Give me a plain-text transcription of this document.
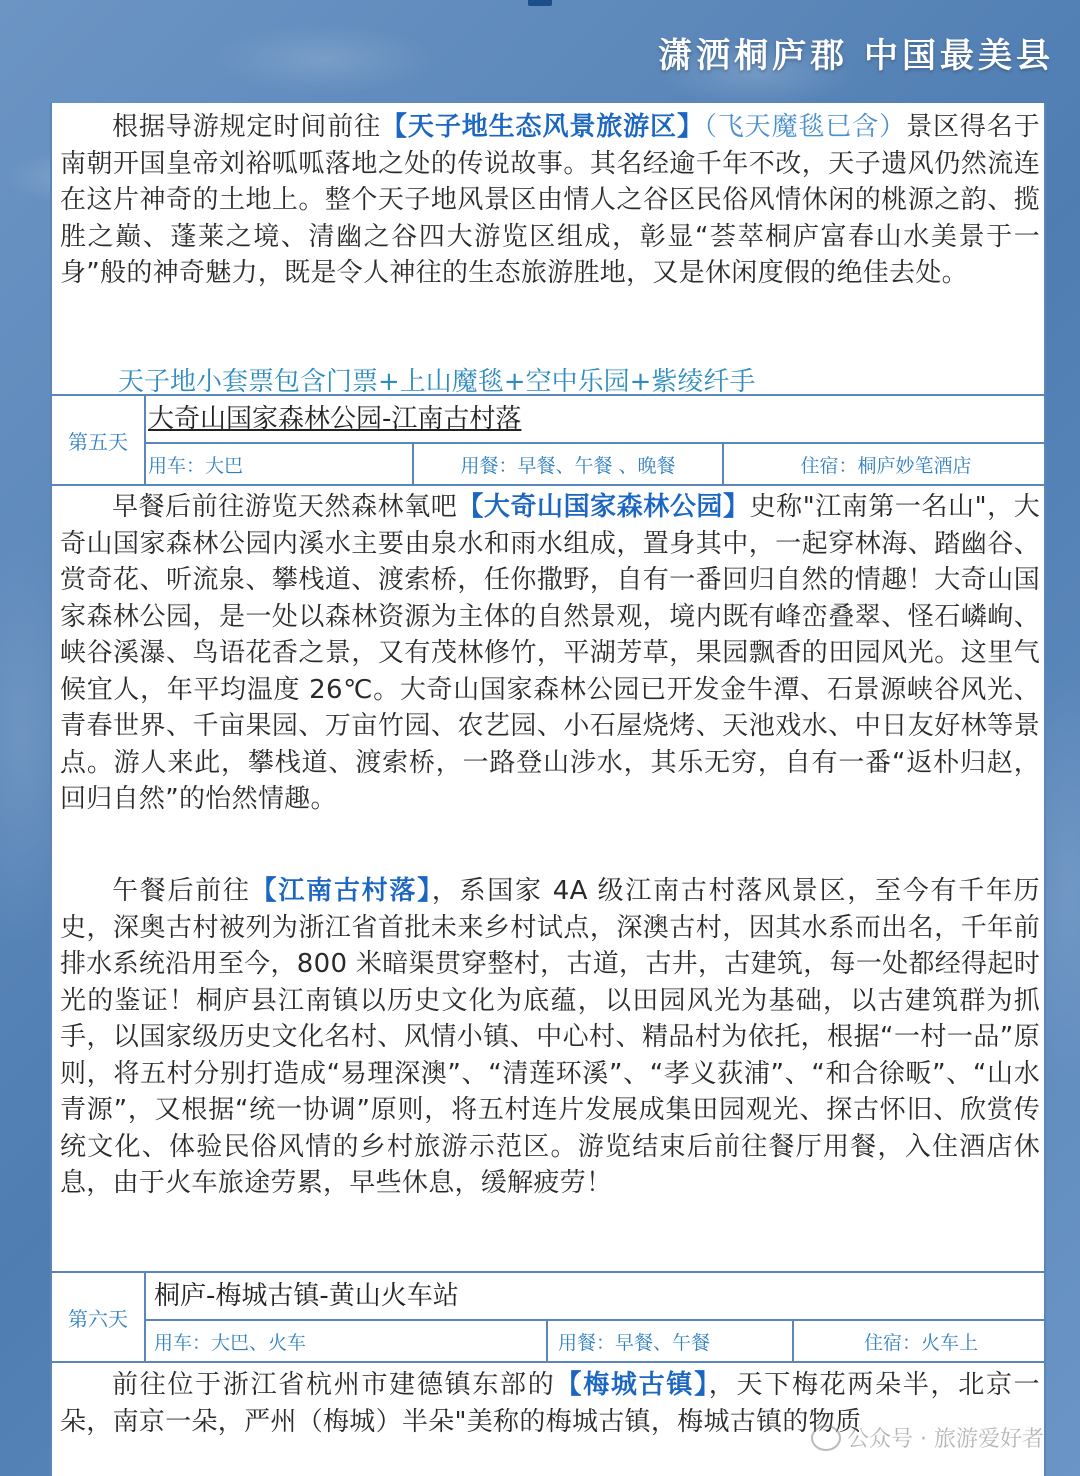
潇洒桐庐郡 中国最美县

根据导游规定时间前往【天子地生态风景旅游区】（飞天魔毯已含）景区得名于南朝开国皇帝刘裕呱呱落地之处的传说故事。其名经逾千年不改，天子遗风仍然流连在这片神奇的土地上。整个天子地风景区由情人之谷区民俗风情休闲的桃源之韵、揽胜之巅、蓬莱之境、清幽之谷四大游览区组成，彰显“荟萃桐庐富春山水美景于一身”般的神奇魅力，既是令人神往的生态旅游胜地，又是休闲度假的绝佳去处。

天子地小套票包含门票+上山魔毯+空中乐园+紫绫纤手
第五天
大奇山国家森林公园-江南古村落
用车：大巴	用餐：早餐、午餐 、晚餐	住宿：桐庐妙笔酒店

早餐后前往游览天然森林氧吧【大奇山国家森林公园】史称"江南第一名山"，大奇山国家森林公园内溪水主要由泉水和雨水组成，置身其中，一起穿林海、踏幽谷、赏奇花、听流泉、攀栈道、渡索桥，任你撒野，自有一番回归自然的情趣！大奇山国家森林公园，是一处以森林资源为主体的自然景观，境内既有峰峦叠翠、怪石嶙峋、峡谷溪瀑、鸟语花香之景，又有茂林修竹，平湖芳草，果园飘香的田园风光。这里气候宜人，年平均温度 26℃。大奇山国家森林公园已开发金牛潭、石景源峡谷风光、青春世界、千亩果园、万亩竹园、农艺园、小石屋烧烤、天池戏水、中日友好林等景点。游人来此，攀栈道、渡索桥，一路登山涉水，其乐无穷，自有一番“返朴归赵，回归自然”的怡然情趣。

午餐后前往【江南古村落】，系国家 4A 级江南古村落风景区，至今有千年历史，深奥古村被列为浙江省首批未来乡村试点，深澳古村，因其水系而出名，千年前排水系统沿用至今，800 米暗渠贯穿整村，古道，古井，古建筑，每一处都经得起时光的鉴证！桐庐县江南镇以历史文化为底蕴，以田园风光为基础，以古建筑群为抓手，以国家级历史文化名村、风情小镇、中心村、精品村为依托，根据“一村一品”原则，将五村分别打造成“易理深澳”、“清莲环溪”、“孝义荻浦”、“和合徐畈”、“山水青源”，又根据“统一协调”原则，将五村连片发展成集田园观光、探古怀旧、欣赏传统文化、体验民俗风情的乡村旅游示范区。游览结束后前往餐厅用餐，入住酒店休息，由于火车旅途劳累，早些休息，缓解疲劳！

第六天
桐庐-梅城古镇-黄山火车站
用车：大巴、火车	用餐：早餐、午餐	住宿：火车上

前往位于浙江省杭州市建德镇东部的【梅城古镇】，天下梅花两朵半，北京一朵，南京一朵，严州（梅城）半朵"美称的梅城古镇，梅城古镇的物质

公众号 · 旅游爱好者
